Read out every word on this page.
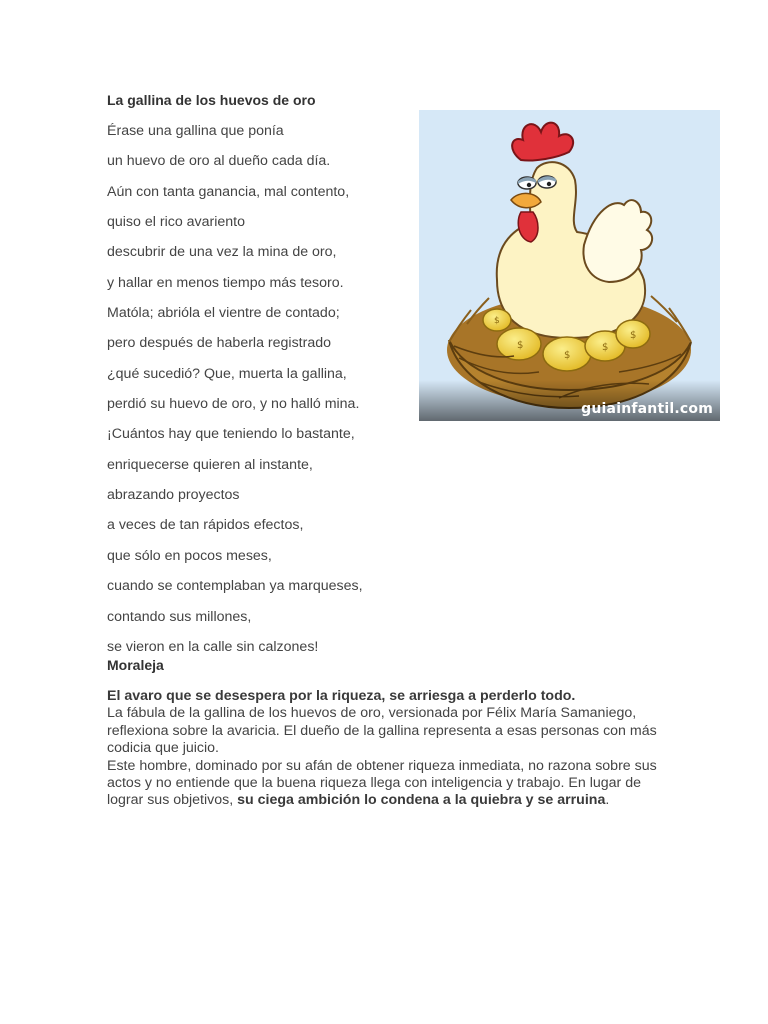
La gallina de los huevos de oro
Érase una gallina que ponía
un huevo de oro al dueño cada día.
Aún con tanta ganancia, mal contento,
quiso el rico avariento
descubrir de una vez la mina de oro,
y hallar en menos tiempo más tesoro.
Matóla; abrióla el vientre de contado;
pero después de haberla registrado
¿qué sucedió? Que, muerta la gallina,
perdió su huevo de oro, y no halló mina.
¡Cuántos hay que teniendo lo bastante,
enriquecerse quieren al instante,
abrazando proyectos
a veces de tan rápidos efectos,
que sólo en pocos meses,
cuando se contemplaban ya marqueses,
contando sus millones,
se vieron en la calle sin calzones!
Moraleja

El avaro que se desespera por la riqueza, se arriesga a perderlo todo.

La fábula de la gallina de los huevos de oro, versionada por Félix María Samaniego, reflexiona sobre la avaricia. El dueño de la gallina representa a esas personas con más codicia que juicio.

Este hombre, dominado por su afán de obtener riqueza inmediata, no razona sobre sus actos y no entiende que la buena riqueza llega con inteligencia y trabajo. En lugar de lograr sus objetivos, su ciega ambición lo condena a la quiebra y se arruina.

$
$
$
$
$
guiainfantil.com
